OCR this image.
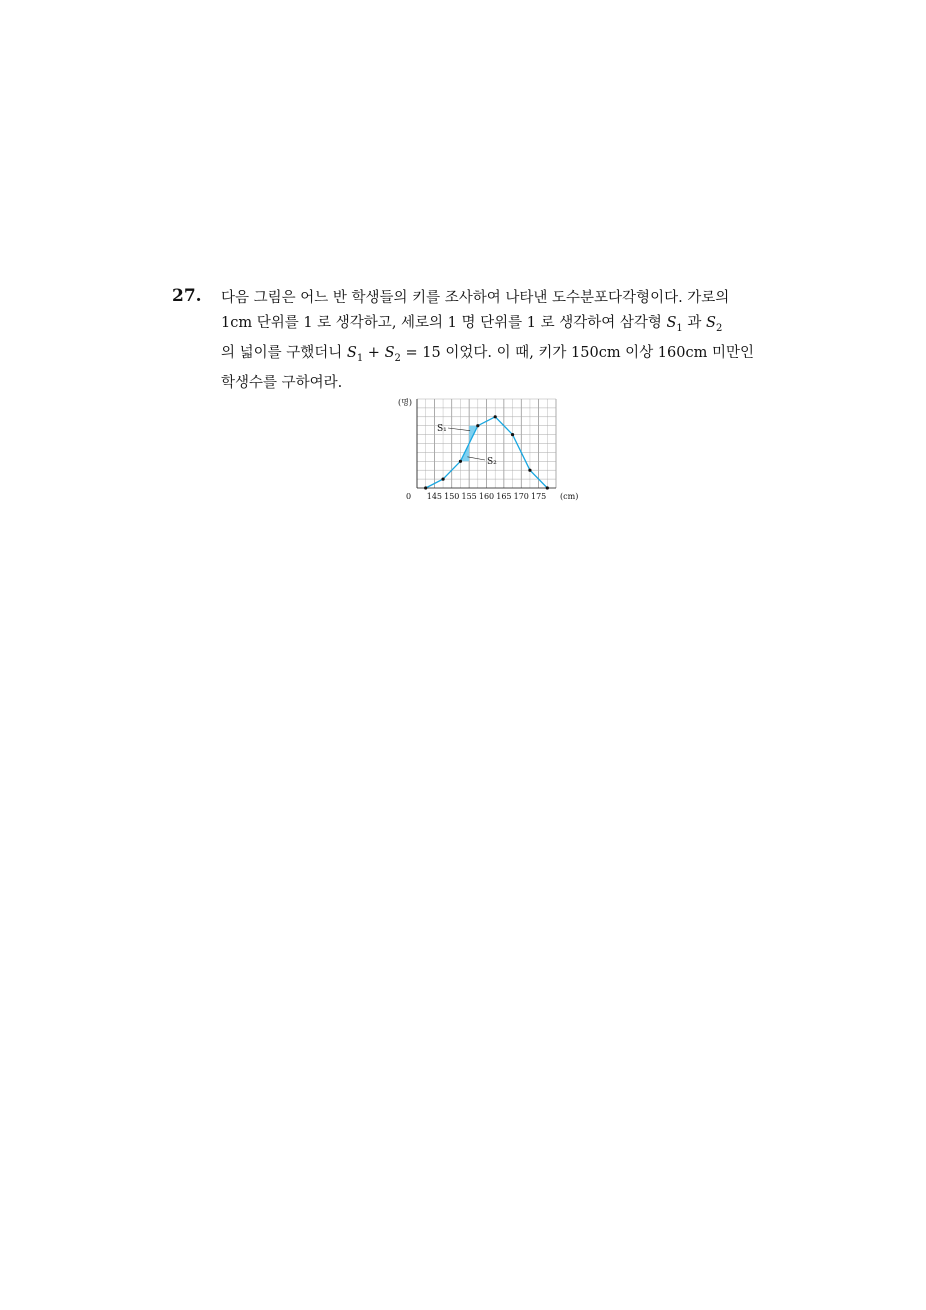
27. 다음 그림은 어느 반 학생들의 키를 조사하여 나타낸 도수분포다각형이다. 가로의
1cm 단위를 1 로 생각하고, 세로의 1 명 단위를 1 로 생각하여 삼각형 $S_1$ 과 $S_2$
의 넓이를 구했더니 $S_1 + S_2 = 15$ 이었다. 이 때, 키가 150cm 이상 160cm 미만인
학생수를 구하여라.
S₁
S₂
(명)
0 145 150 155 160 165 170 175 (cm)
